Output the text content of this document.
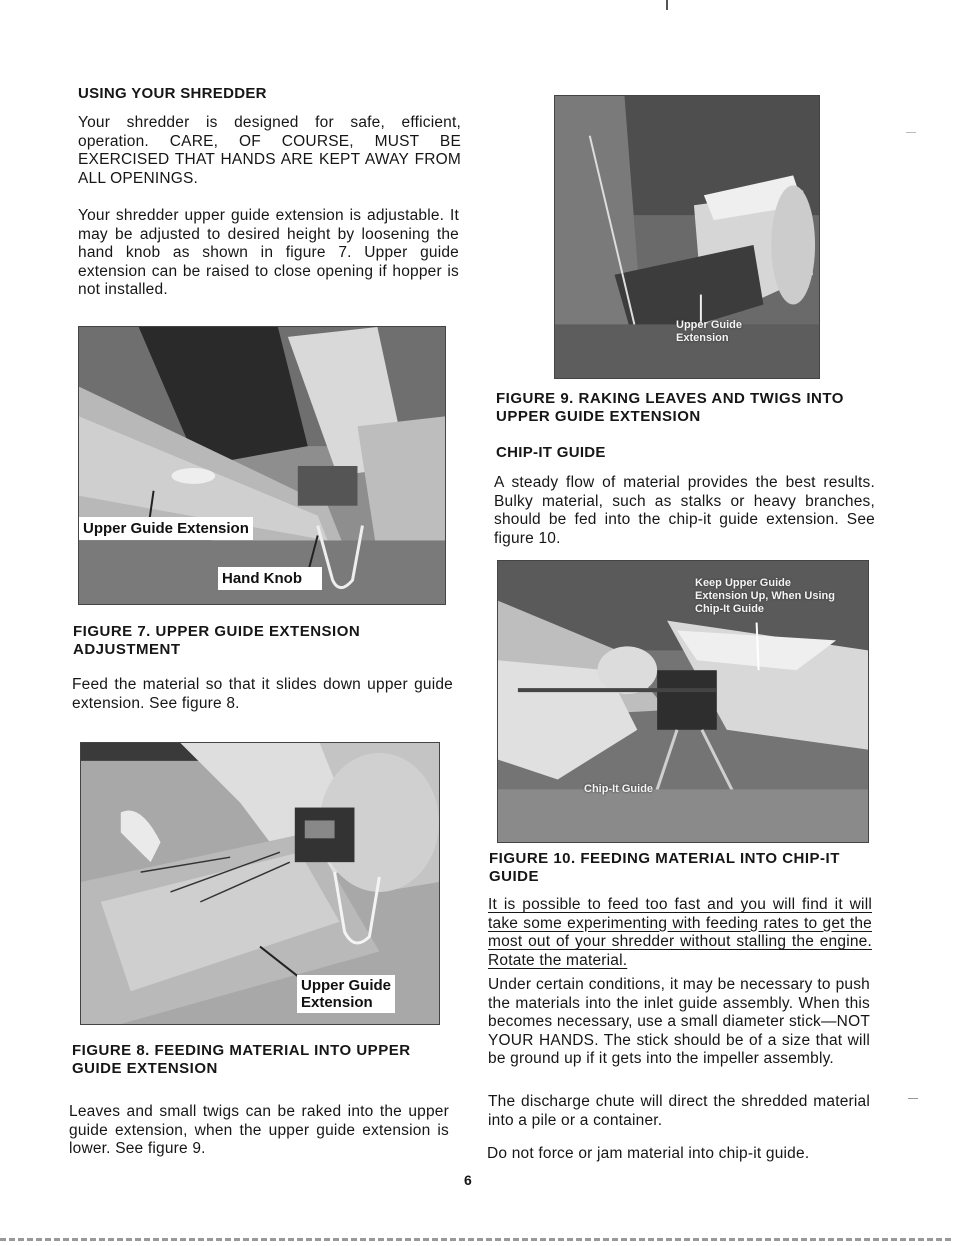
USING YOUR SHREDDER
Your shredder is designed for safe, efficient, operation. CARE, OF COURSE, MUST BE EXERCISED THAT HANDS ARE KEPT AWAY FROM ALL OPENINGS.
Your shredder upper guide extension is adjustable. It may be adjusted to desired height by loosening the hand knob as shown in figure 7. Upper guide extension can be raised to close opening if hopper is not installed.
Upper Guide Extension
Hand Knob
FIGURE 7. UPPER GUIDE EXTENSION ADJUSTMENT
Feed the material so that it slides down upper guide extension. See figure 8.
Upper Guide
Extension
FIGURE 8. FEEDING MATERIAL INTO UPPER GUIDE EXTENSION
Leaves and small twigs can be raked into the upper guide extension, when the upper guide extension is lower. See figure 9.
Upper Guide
Extension
FIGURE 9. RAKING LEAVES AND TWIGS INTO UPPER GUIDE EXTENSION
CHIP-IT GUIDE
A steady flow of material provides the best results. Bulky material, such as stalks or heavy branches, should be fed into the chip-it guide extension. See figure 10.
Keep Upper Guide
Extension Up, When Using
Chip-It Guide
Chip-It Guide
FIGURE 10. FEEDING MATERIAL INTO CHIP-IT GUIDE
It is possible to feed too fast and you will find it will take some experimenting with feeding rates to get the most out of your shredder without stalling the engine. Rotate the material.
Under certain conditions, it may be necessary to push the materials into the inlet guide assembly. When this becomes necessary, use a small diameter stick—NOT YOUR HANDS. The stick should be of a size that will be ground up if it gets into the impeller assembly.
The discharge chute will direct the shredded material into a pile or a container.
Do not force or jam material into chip-it guide.
6
